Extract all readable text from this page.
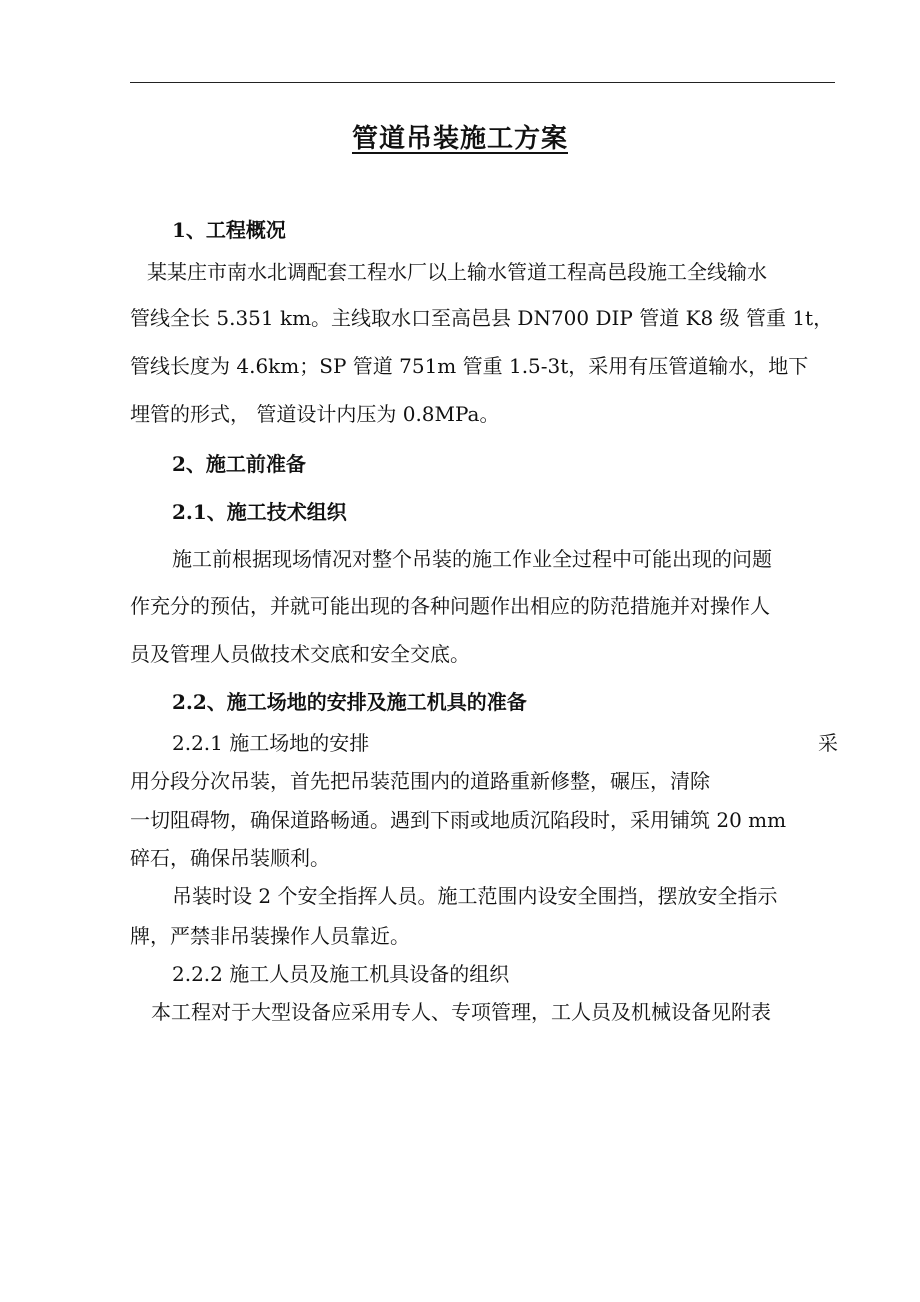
管道吊装施工方案
1、工程概况
某某庄市南水北调配套工程水厂以上输水管道工程高邑段施工全线输水
管线全长 5.351 km。主线取水口至高邑县 DN700 DIP 管道 K8 级 管重 1t，
管线长度为 4.6km；SP 管道 751m 管重 1.5-3t，采用有压管道输水，地下
埋管的形式， 管道设计内压为 0.8MPa。
2、施工前准备
2.1、施工技术组织
施工前根据现场情况对整个吊装的施工作业全过程中可能出现的问题
作充分的预估，并就可能出现的各种问题作出相应的防范措施并对操作人
员及管理人员做技术交底和安全交底。
2.2、施工场地的安排及施工机具的准备
2.2.1 施工场地的安排	采
用分段分次吊装，首先把吊装范围内的道路重新修整，碾压，清除
一切阻碍物，确保道路畅通。遇到下雨或地质沉陷段时，采用铺筑 20 mm
碎石，确保吊装顺利。
吊装时设 2 个安全指挥人员。施工范围内设安全围挡，摆放安全指示
牌，严禁非吊装操作人员靠近。
2.2.2 施工人员及施工机具设备的组织
本工程对于大型设备应采用专人、专项管理，工人员及机械设备见附表
